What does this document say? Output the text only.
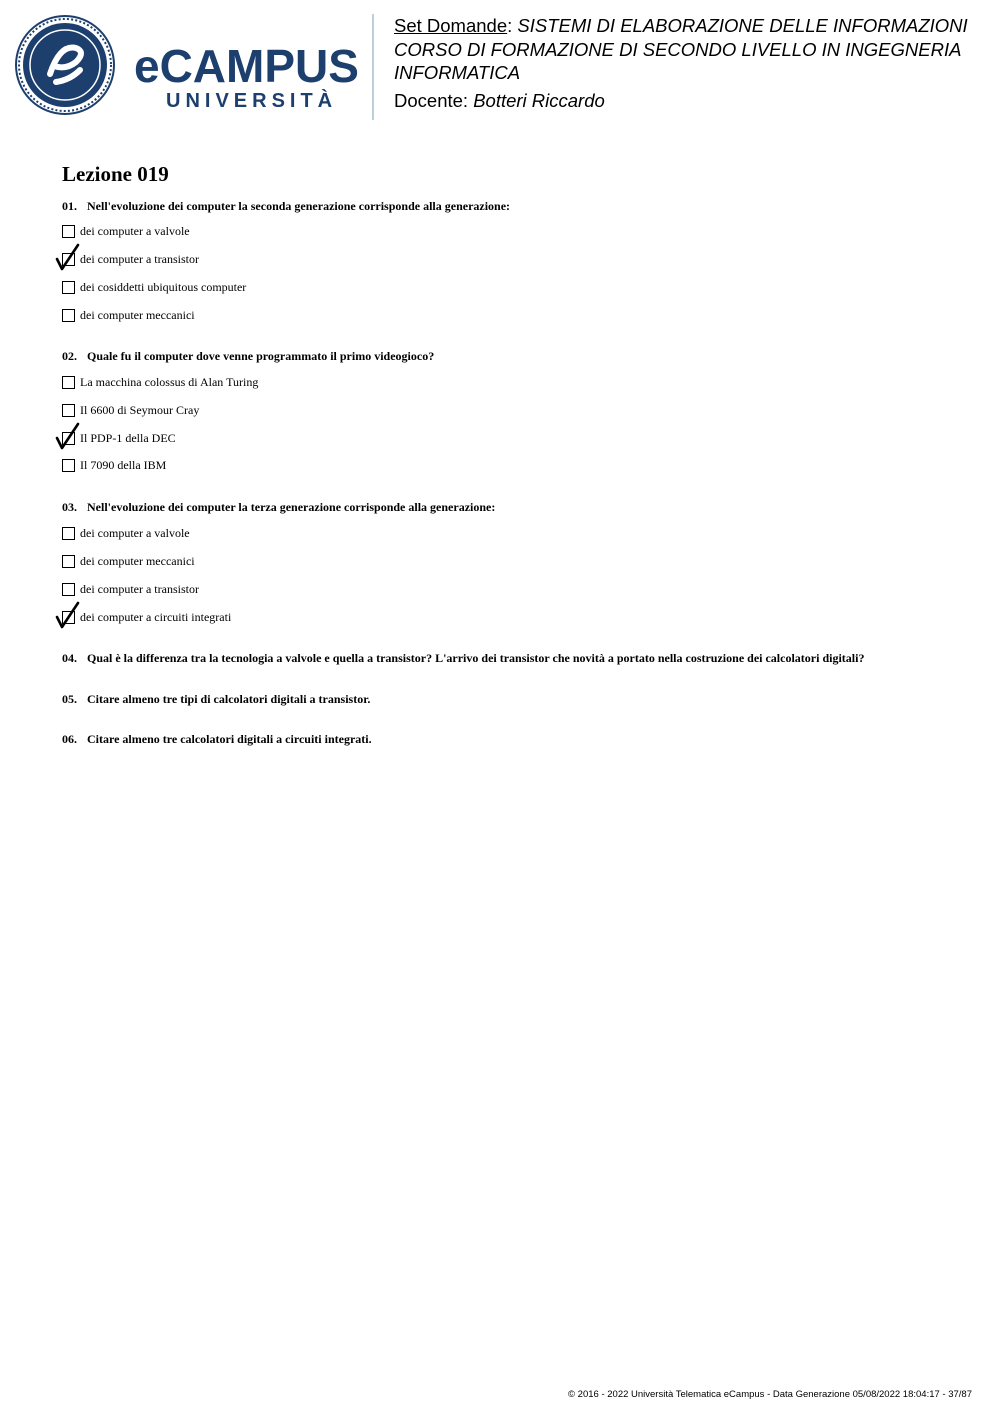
eCAMPUS
UNIVERSITÀ
Set Domande: SISTEMI DI ELABORAZIONE DELLE INFORMAZIONI
CORSO DI FORMAZIONE DI SECONDO LIVELLO IN INGEGNERIA
INFORMATICA
Docente: Botteri Riccardo
Lezione 019
01. Nell'evoluzione dei computer la seconda generazione corrisponde alla generazione:
dei computer a valvole
dei computer a transistor
dei cosiddetti ubiquitous computer
dei computer meccanici
02. Quale fu il computer dove venne programmato il primo videogioco?
La macchina colossus di Alan Turing
Il 6600 di Seymour Cray
Il PDP-1 della DEC
Il 7090 della IBM
03. Nell'evoluzione dei computer la terza generazione corrisponde alla generazione:
dei computer a valvole
dei computer meccanici
dei computer a transistor
dei computer a circuiti integrati
04. Qual è la differenza tra la tecnologia a valvole e quella a transistor? L'arrivo dei transistor che novità a portato nella costruzione dei calcolatori digitali?
05. Citare almeno tre tipi di calcolatori digitali a transistor.
06. Citare almeno tre calcolatori digitali a circuiti integrati.
© 2016 - 2022 Università Telematica eCampus - Data Generazione 05/08/2022 18:04:17 - 37/87
